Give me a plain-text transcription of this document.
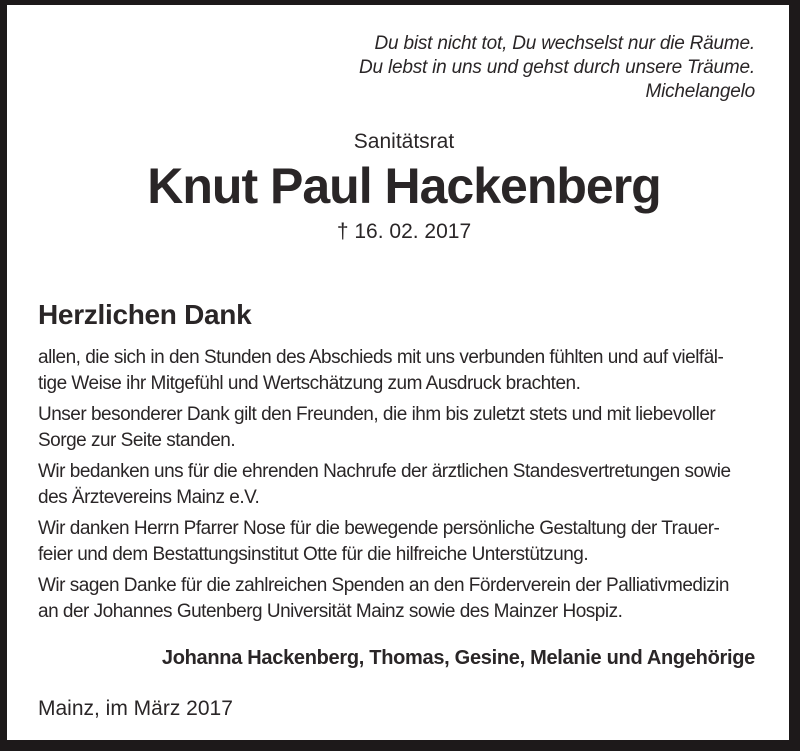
Du bist nicht tot, Du wechselst nur die Räume.
Du lebst in uns und gehst durch unsere Träume.
Michelangelo
Sanitätsrat
Knut Paul Hackenberg
† 16. 02. 2017
Herzlichen Dank

allen, die sich in den Stunden des Abschieds mit uns verbunden fühlten und auf vielfäl-
tige Weise ihr Mitgefühl und Wertschätzung zum Ausdruck brachten.

Unser besonderer Dank gilt den Freunden, die ihm bis zuletzt stets und mit liebevoller
Sorge zur Seite standen.

Wir bedanken uns für die ehrenden Nachrufe der ärztlichen Standesvertretungen sowie
des Ärztevereins Mainz e.V.

Wir danken Herrn Pfarrer Nose für die bewegende persönliche Gestaltung der Trauer-
feier und dem Bestattungsinstitut Otte für die hilfreiche Unterstützung.

Wir sagen Danke für die zahlreichen Spenden an den Förderverein der Palliativmedizin
an der Johannes Gutenberg Universität Mainz sowie des Mainzer Hospiz.

Johanna Hackenberg, Thomas, Gesine, Melanie und Angehörige
Mainz, im März 2017
